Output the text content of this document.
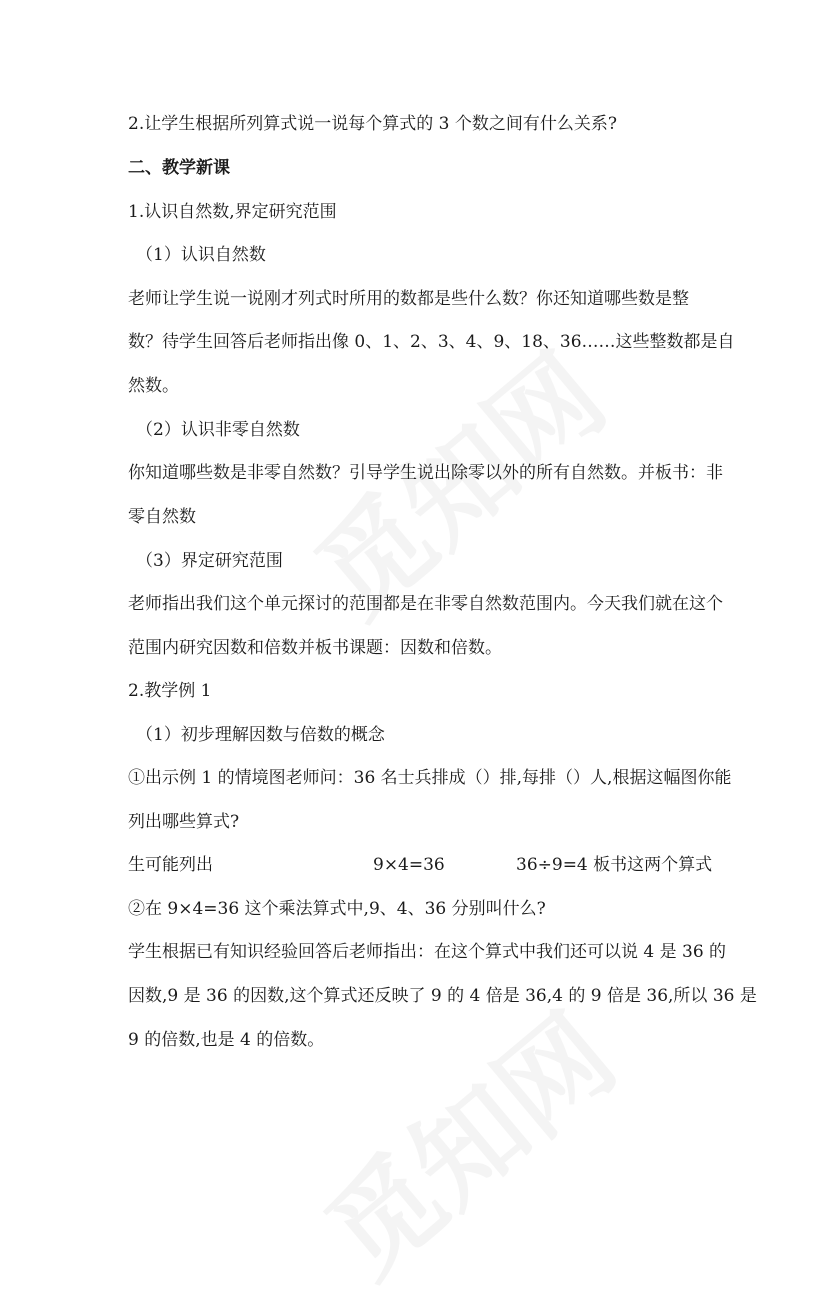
2.让学生根据所列算式说一说每个算式的 3 个数之间有什么关系?
二、教学新课
1.认识自然数,界定研究范围
（1）认识自然数
老师让学生说一说刚才列式时所用的数都是些什么数？你还知道哪些数是整
数？待学生回答后老师指出像 0、1、2、3、4、9、18、36……这些整数都是自
然数。
（2）认识非零自然数
你知道哪些数是非零自然数？引导学生说出除零以外的所有自然数。并板书：非
零自然数
（3）界定研究范围
老师指出我们这个单元探讨的范围都是在非零自然数范围内。今天我们就在这个
范围内研究因数和倍数并板书课题：因数和倍数。
2.教学例 1
（1）初步理解因数与倍数的概念
①出示例 1 的情境图老师问：36 名士兵排成（）排,每排（）人,根据这幅图你能
列出哪些算式?
生可能列出	9×4=36	36÷9=4 板书这两个算式
②在 9×4=36 这个乘法算式中,9、4、36 分别叫什么?
学生根据已有知识经验回答后老师指出：在这个算式中我们还可以说 4 是 36 的
因数,9 是 36 的因数,这个算式还反映了 9 的 4 倍是 36,4 的 9 倍是 36,所以 36 是
9 的倍数,也是 4 的倍数。
